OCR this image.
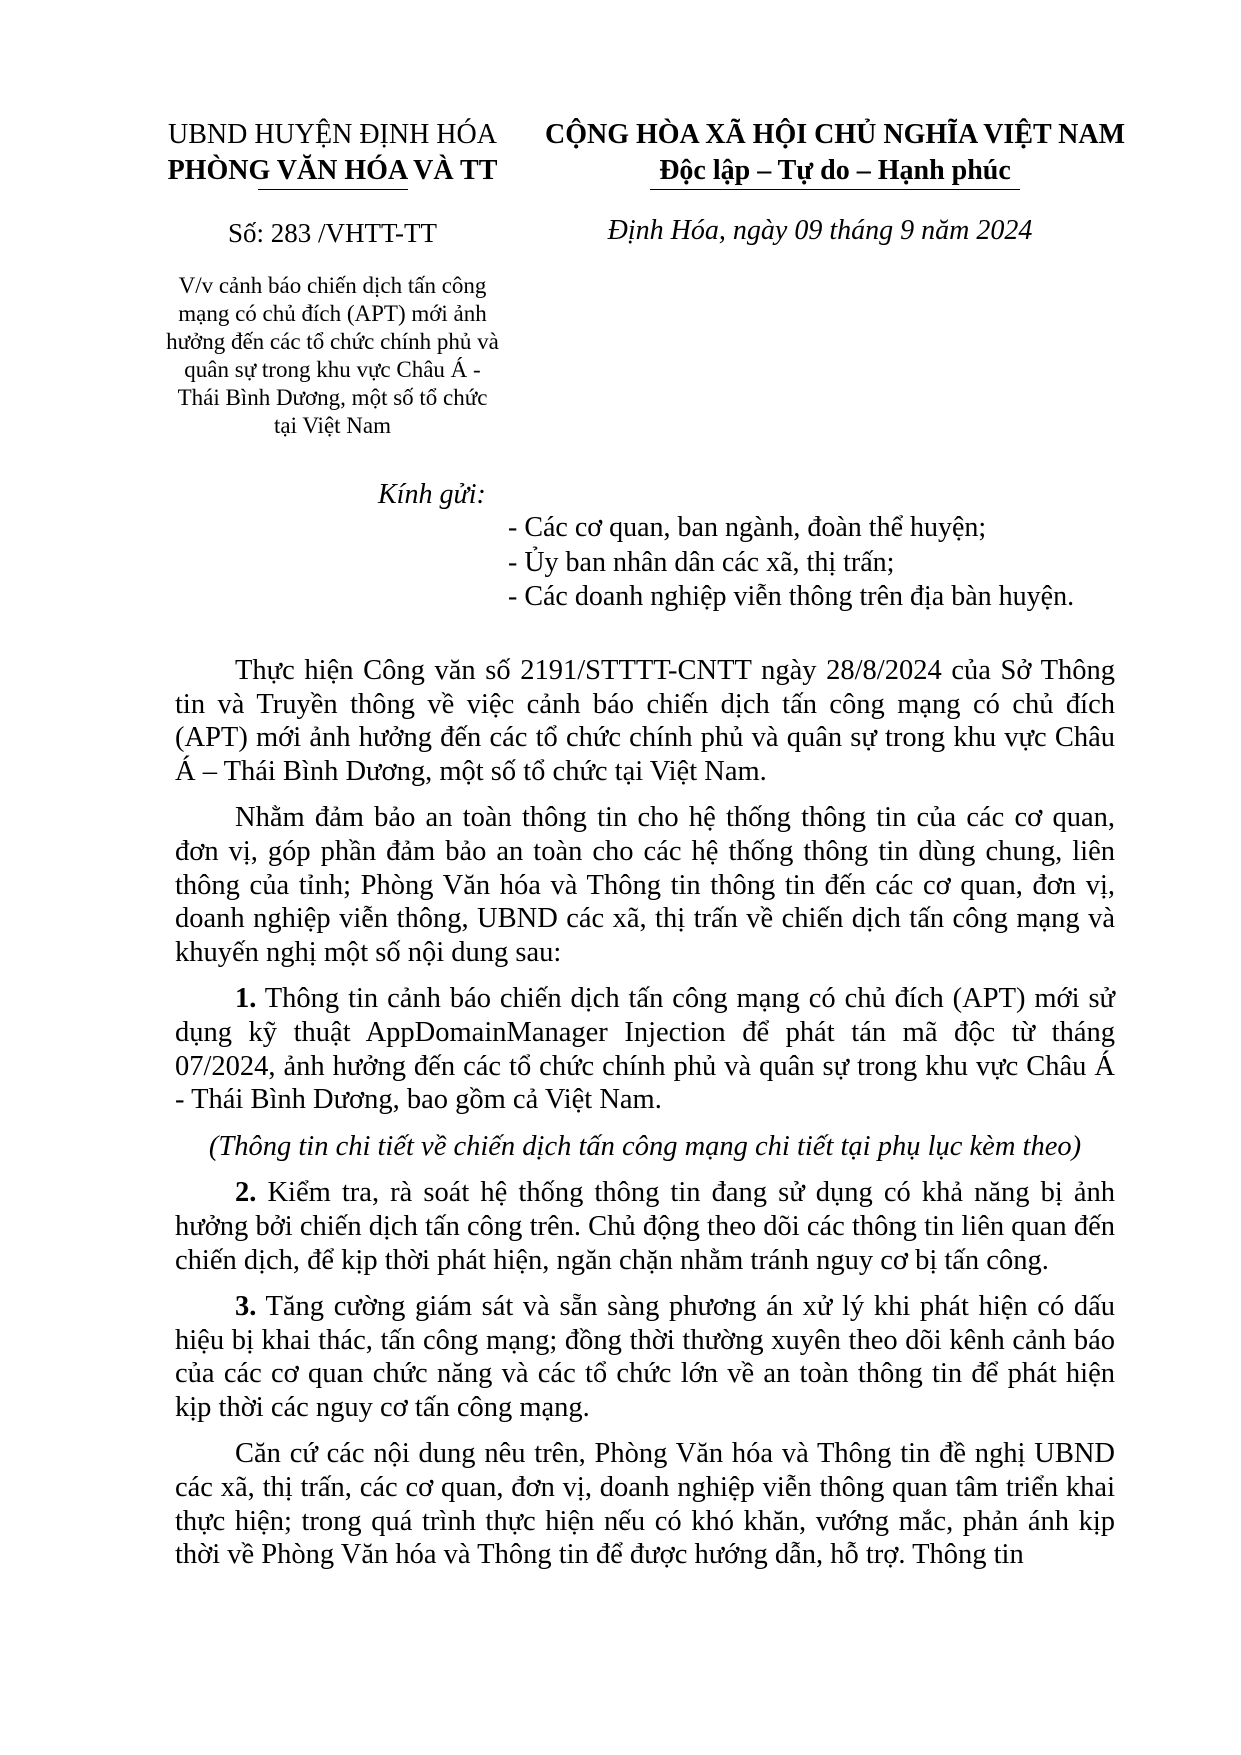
UBND HUYỆN ĐỊNH HÓA
PHÒNG VĂN HÓA VÀ TT
CỘNG HÒA XÃ HỘI CHỦ NGHĨA VIỆT NAM
Độc lập – Tự do – Hạnh phúc
Số: 283 /VHTT-TT	Định Hóa, ngày 09 tháng 9 năm 2024
V/v cảnh báo chiến dịch tấn công
mạng có chủ đích (APT) mới ảnh
hưởng đến các tổ chức chính phủ và
quân sự trong khu vực Châu Á -
Thái Bình Dương, một số tổ chức
tại Việt Nam
Kính gửi:
- Các cơ quan, ban ngành, đoàn thể huyện;
- Ủy ban nhân dân các xã, thị trấn;
- Các doanh nghiệp viễn thông trên địa bàn huyện.

Thực hiện Công văn số 2191/STTTT-CNTT ngày 28/8/2024 của Sở Thông tin và Truyền thông về việc cảnh báo chiến dịch tấn công mạng có chủ đích (APT) mới ảnh hưởng đến các tổ chức chính phủ và quân sự trong khu vực Châu Á – Thái Bình Dương, một số tổ chức tại Việt Nam.

Nhằm đảm bảo an toàn thông tin cho hệ thống thông tin của các cơ quan, đơn vị, góp phần đảm bảo an toàn cho các hệ thống thông tin dùng chung, liên thông của tỉnh; Phòng Văn hóa và Thông tin thông tin đến các cơ quan, đơn vị, doanh nghiệp viễn thông, UBND các xã, thị trấn về chiến dịch tấn công mạng và khuyến nghị một số nội dung sau:

1. Thông tin cảnh báo chiến dịch tấn công mạng có chủ đích (APT) mới sử dụng kỹ thuật AppDomainManager Injection để phát tán mã độc từ tháng 07/2024, ảnh hưởng đến các tổ chức chính phủ và quân sự trong khu vực Châu Á - Thái Bình Dương, bao gồm cả Việt Nam.

(Thông tin chi tiết về chiến dịch tấn công mạng chi tiết tại phụ lục kèm theo)

2. Kiểm tra, rà soát hệ thống thông tin đang sử dụng có khả năng bị ảnh hưởng bởi chiến dịch tấn công trên. Chủ động theo dõi các thông tin liên quan đến chiến dịch, để kịp thời phát hiện, ngăn chặn nhằm tránh nguy cơ bị tấn công.

3. Tăng cường giám sát và sẵn sàng phương án xử lý khi phát hiện có dấu hiệu bị khai thác, tấn công mạng; đồng thời thường xuyên theo dõi kênh cảnh báo của các cơ quan chức năng và các tổ chức lớn về an toàn thông tin để phát hiện kịp thời các nguy cơ tấn công mạng.

Căn cứ các nội dung nêu trên, Phòng Văn hóa và Thông tin đề nghị UBND các xã, thị trấn, các cơ quan, đơn vị, doanh nghiệp viễn thông quan tâm triển khai thực hiện; trong quá trình thực hiện nếu có khó khăn, vướng mắc, phản ánh kịp thời về Phòng Văn hóa và Thông tin để được hướng dẫn, hỗ trợ. Thông tin
